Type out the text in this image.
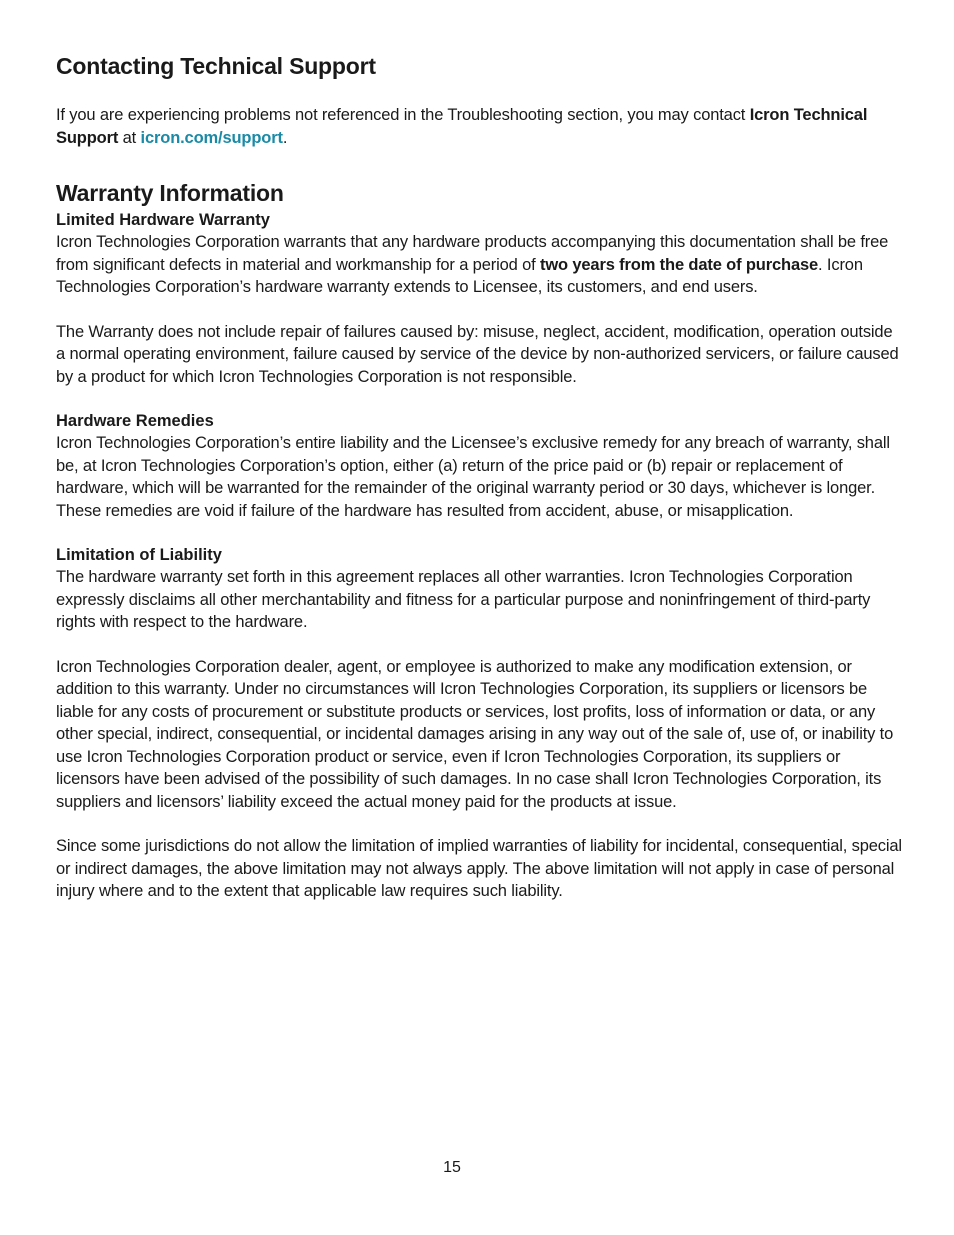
Contacting Technical Support

If you are experiencing problems not referenced in the Troubleshooting section, you may contact Icron Technical Support at icron.com/support.

Warranty Information
Limited Hardware Warranty

Icron Technologies Corporation warrants that any hardware products accompanying this documentation shall be free from significant defects in material and workmanship for a period of two years from the date of purchase. Icron Technologies Corporation’s hardware warranty extends to Licensee, its customers, and end users.

The Warranty does not include repair of failures caused by: misuse, neglect, accident, modification, operation outside a normal operating environment, failure caused by service of the device by non-authorized servicers, or failure caused by a product for which Icron Technologies Corporation is not responsible.

Hardware Remedies

Icron Technologies Corporation’s entire liability and the Licensee’s exclusive remedy for any breach of warranty, shall be, at Icron Technologies Corporation’s option, either (a) return of the price paid or (b) repair or replacement of hardware, which will be warranted for the remainder of the original warranty period or 30 days, whichever is longer. These remedies are void if failure of the hardware has resulted from accident, abuse, or misapplication.

Limitation of Liability

The hardware warranty set forth in this agreement replaces all other warranties. Icron Technologies Corporation expressly disclaims all other merchantability and fitness for a particular purpose and noninfringement of third-party rights with respect to the hardware.

Icron Technologies Corporation dealer, agent, or employee is authorized to make any modification extension, or addition to this warranty. Under no circumstances will Icron Technologies Corporation, its suppliers or licensors be liable for any costs of procurement or substitute products or services, lost profits, loss of information or data, or any other special, indirect, consequential, or incidental damages arising in any way out of the sale of, use of, or inability to use Icron Technologies Corporation product or service, even if Icron Technologies Corporation, its suppliers or licensors have been advised of the possibility of such damages. In no case shall Icron Technologies Corporation, its suppliers and licensors’ liability exceed the actual money paid for the products at issue.

Since some jurisdictions do not allow the limitation of implied warranties of liability for incidental, consequential, special or indirect damages, the above limitation may not always apply. The above limitation will not apply in case of personal injury where and to the extent that applicable law requires such liability.

15
